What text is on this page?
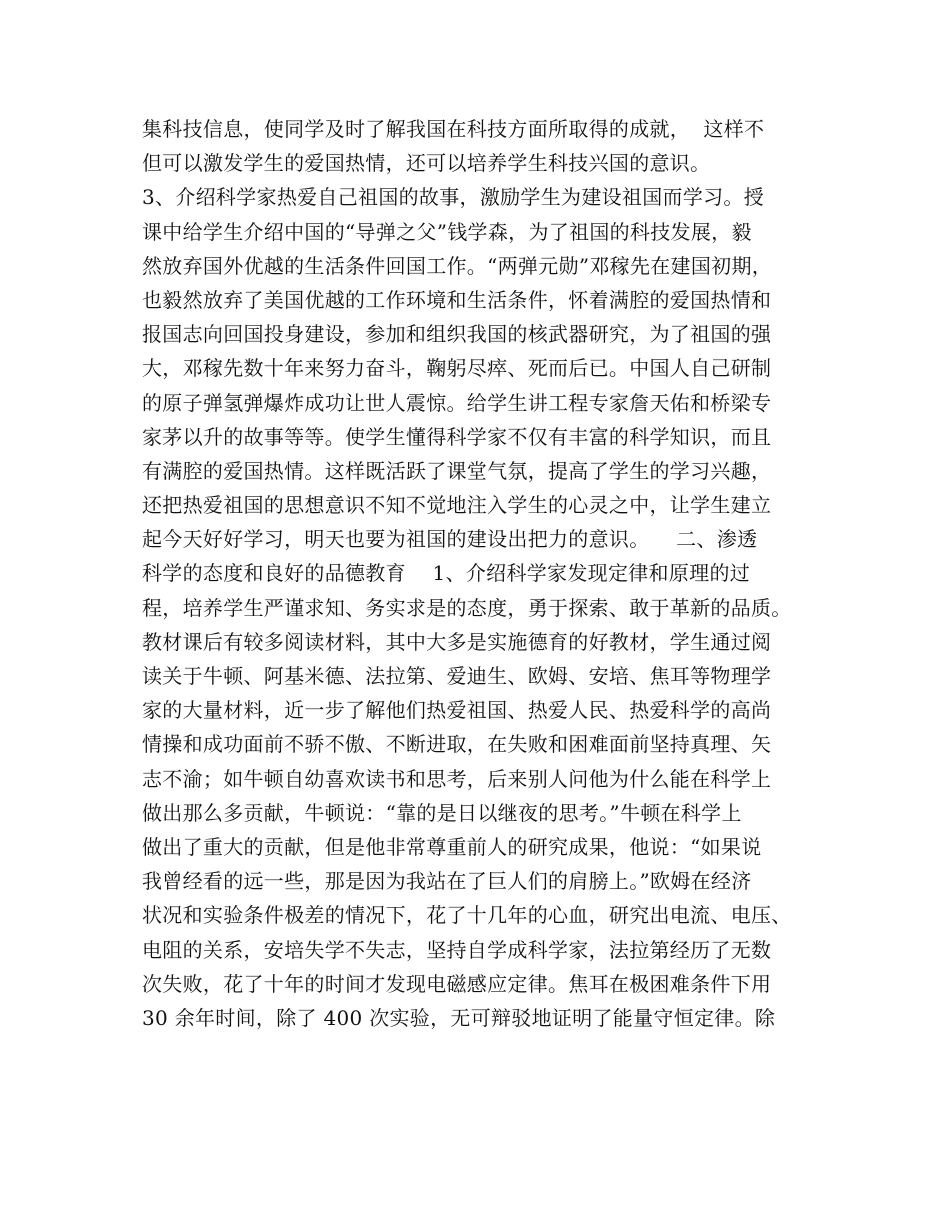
集科技信息，使同学及时了解我国在科技方面所取得的成就，  这样不
但可以激发学生的爱国热情，还可以培养学生科技兴国的意识。
3、介绍科学家热爱自己祖国的故事，激励学生为建设祖国而学习。授
课中给学生介绍中国的“导弹之父”钱学森，为了祖国的科技发展，毅
然放弃国外优越的生活条件回国工作。“两弹元勋”邓稼先在建国初期，
也毅然放弃了美国优越的工作环境和生活条件，怀着满腔的爱国热情和
报国志向回国投身建设，参加和组织我国的核武器研究，为了祖国的强
大，邓稼先数十年来努力奋斗，鞠躬尽瘁、死而后已。中国人自己研制
的原子弹氢弹爆炸成功让世人震惊。给学生讲工程专家詹天佑和桥梁专
家茅以升的故事等等。使学生懂得科学家不仅有丰富的科学知识，而且
有满腔的爱国热情。这样既活跃了课堂气氛，提高了学生的学习兴趣，
还把热爱祖国的思想意识不知不觉地注入学生的心灵之中，让学生建立
起今天好好学习，明天也要为祖国的建设出把力的意识。    二、渗透
科学的态度和良好的品德教育    1、介绍科学家发现定律和原理的过
程，培养学生严谨求知、务实求是的态度，勇于探索、敢于革新的品质。
教材课后有较多阅读材料，其中大多是实施德育的好教材，学生通过阅
读关于牛顿、阿基米德、法拉第、爱迪生、欧姆、安培、焦耳等物理学
家的大量材料，近一步了解他们热爱祖国、热爱人民、热爱科学的高尚
情操和成功面前不骄不傲、不断进取，在失败和困难面前坚持真理、矢
志不渝；如牛顿自幼喜欢读书和思考，后来别人问他为什么能在科学上
做出那么多贡献，牛顿说：“靠的是日以继夜的思考。”牛顿在科学上
做出了重大的贡献，但是他非常尊重前人的研究成果，他说：“如果说
我曾经看的远一些，那是因为我站在了巨人们的肩膀上。”欧姆在经济
状况和实验条件极差的情况下，花了十几年的心血，研究出电流、电压、
电阻的关系，安培失学不失志，坚持自学成科学家，法拉第经历了无数
次失败，花了十年的时间才发现电磁感应定律。焦耳在极困难条件下用
30 余年时间，除了 400 次实验，无可辩驳地证明了能量守恒定律。除
